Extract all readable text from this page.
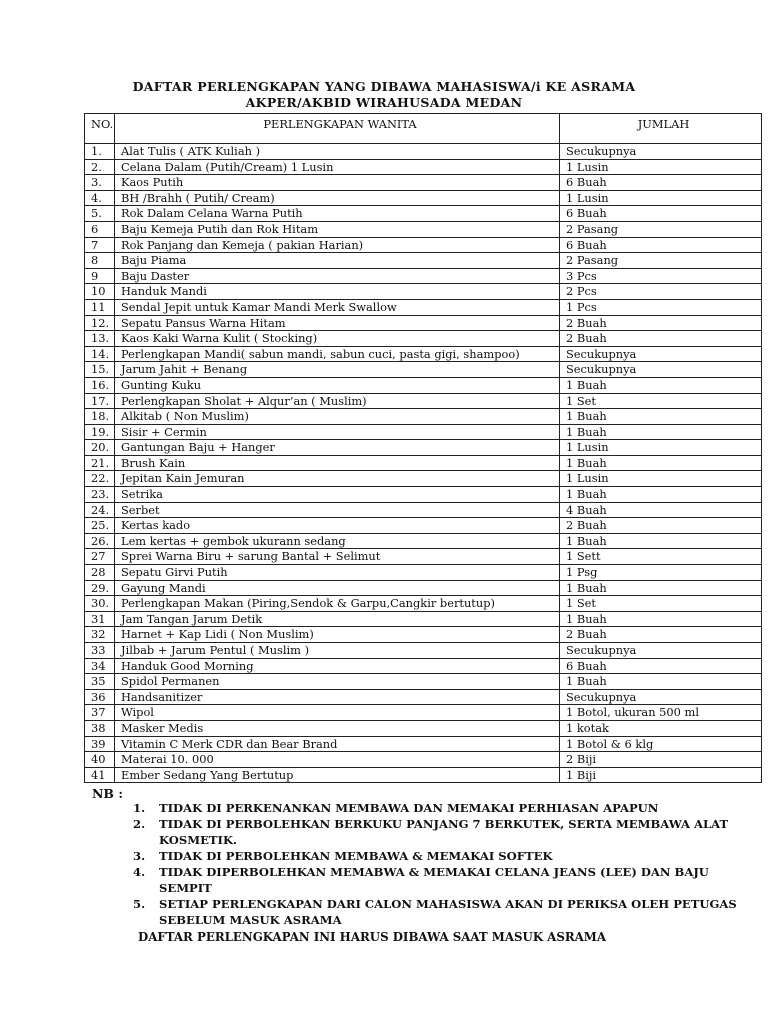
DAFTAR PERLENGKAPAN YANG DIBAWA MAHASISWA/i KE ASRAMA
AKPER/AKBID WIRAHUSADA MEDAN
NO.	PERLENGKAPAN WANITA	JUMLAH
1.	Alat Tulis ( ATK Kuliah )	Secukupnya
2.	Celana Dalam (Putih/Cream) 1 Lusin	1 Lusin
3.	Kaos Putih	6 Buah
4.	BH /Brahh ( Putih/ Cream)	1 Lusin
5.	Rok Dalam Celana Warna Putih	6 Buah
6	Baju Kemeja Putih dan Rok Hitam	2 Pasang
7	Rok Panjang dan Kemeja ( pakian Harian)	6 Buah
8	Baju Piama	2 Pasang
9	Baju Daster	3 Pcs
10	Handuk Mandi	2 Pcs
11	Sendal Jepit untuk Kamar Mandi Merk Swallow	1 Pcs
12.	Sepatu Pansus Warna Hitam	2 Buah
13.	Kaos Kaki Warna Kulit ( Stocking)	2 Buah
14.	Perlengkapan Mandi( sabun mandi, sabun cuci, pasta gigi, shampoo)	Secukupnya
15.	Jarum Jahit + Benang	Secukupnya
16.	Gunting Kuku	1 Buah
17.	Perlengkapan Sholat + Alqur’an ( Muslim)	1 Set
18.	Alkitab ( Non Muslim)	1 Buah
19.	Sisir + Cermin	1 Buah
20.	Gantungan Baju + Hanger	1 Lusin
21.	Brush Kain	1 Buah
22.	Jepitan Kain Jemuran	1 Lusin
23.	Setrika	1 Buah
24.	Serbet	4 Buah
25.	Kertas kado	2 Buah
26.	Lem kertas + gembok ukurann sedang	1 Buah
27	Sprei Warna Biru + sarung Bantal + Selimut	1 Sett
28	Sepatu Girvi Putih	1 Psg
29.	Gayung Mandi	1 Buah
30.	Perlengkapan Makan (Piring,Sendok & Garpu,Cangkir bertutup)	1 Set
31	Jam Tangan Jarum Detik	1 Buah
32	Harnet + Kap Lidi ( Non Muslim)	2 Buah
33	Jilbab + Jarum Pentul ( Muslim )	Secukupnya
34	Handuk Good Morning	6 Buah
35	Spidol Permanen	1 Buah
36	Handsanitizer	Secukupnya
37	Wipol	1 Botol, ukuran 500 ml
38	Masker Medis	1 kotak
39	Vitamin C Merk CDR dan Bear Brand	1 Botol & 6 klg
40	Materai 10. 000	2 Biji
41	Ember Sedang Yang Bertutup	1 Biji
NB :
1.	TIDAK DI PERKENANKAN MEMBAWA DAN MEMAKAI PERHIASAN APAPUN
2.	TIDAK DI PERBOLEHKAN BERKUKU PANJANG 7 BERKUTEK, SERTA MEMBAWA ALAT KOSMETIK.
3.	TIDAK DI PERBOLEHKAN MEMBAWA & MEMAKAI SOFTEK
4.	TIDAK DIPERBOLEHKAN MEMABWA & MEMAKAI CELANA JEANS (LEE) DAN BAJU SEMPIT
5.	SETIAP PERLENGKAPAN DARI CALON MAHASISWA AKAN DI PERIKSA OLEH PETUGAS SEBELUM MASUK ASRAMA
DAFTAR PERLENGKAPAN INI HARUS DIBAWA SAAT MASUK ASRAMA
